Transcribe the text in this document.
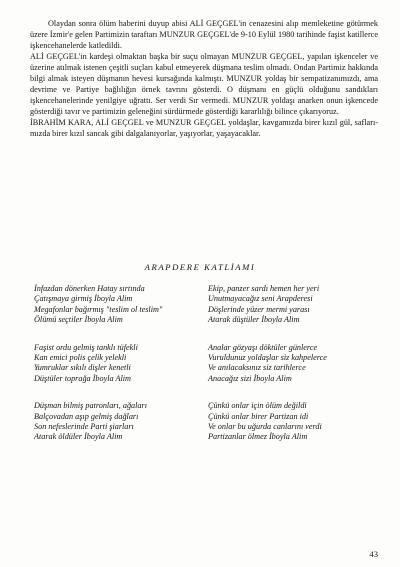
Olaydan sonra ölüm haberini duyup abisi ALİ GEÇGEL'in cenazesini alıp memleketine götürmek üzere İzmir'e gelen Partimizin taraftarı MUNZUR GEÇGEL'de 9-10 Eylül 1980 tarihinde faşist katillerce işkencehanelerde katledildi.

ALİ GEÇGEL'in kardeşi olmaktan başka bir suçu olmayan MUNZUR GEÇGEL, yapılan işkenceler ve üzerine atılmak istenen çeşitli suçları kabul etmeyerek düşmana teslim olmadı. Ondan Partimiz hakkında bilgi almak isteyen düşmanın hevesi kursağında kalmıştı. MUNZUR yoldaş bir sempatizanımızdı, ama devrime ve Partiye bağlılığın örnek tavrını gösterdi. O düşmanı en güçlü olduğunu sandıkları işkencehanelerinde yenilgiye uğrattı. Ser verdi Sır vermedi. MUNZUR yoldaşı anarken onun işkencede gösterdiği tavır ve partimizin geleneğini sürdürmede gösterdiği kararlılığı bilince çıkarıyoruz.

İBRAHİM KARA, ALİ GEÇGEL ve MUNZUR GEÇGEL yoldaşlar, kavgamızda birer kızıl gül, saflarımızda birer kızıl sancak gibi dalgalanıyorlar, yaşıyorlar, yaşayacaklar.

ARAPDERE KATLİAMI
İnfazdan dönerken Hatay sırtında
Çatışmaya girmiş İboyla Alim
Megafonlar bağırmış "teslim ol teslim"
Ölümü seçtiler İboyla Alim
Faşist ordu gelmiş tanklı tüfekli
Kan emici polis çelik yelekli
Yumruklar sıkılı dişler kenetli
Düştüler toprağa İboyla Alim
Düşman bilmiş patronları, ağaları
Balçovadan aşıp gelmiş dağları
Son nefeslerinde Parti şiarları
Atarak öldüler İboyla Alim
Ekip, panzer sardı hemen her yeri
Unutmayacağız seni Arapderesi
Döşlerinde yüzer mermi yarası
Atarak düştüler İboyla Alim
Analar gözyaşı döktüler günlerce
Vuruldunuz yoldaşlar siz kahpelerce
Ve anılacaksınız siz tarihlerce
Anacağız sizi İboyla Alim
Çünkü onlar için ölüm değildi
Çünkü onlar birer Partizan idi
Ve onlar bu uğurda canlarını verdi
Partizanlar ölmez İboyla Alim
43
